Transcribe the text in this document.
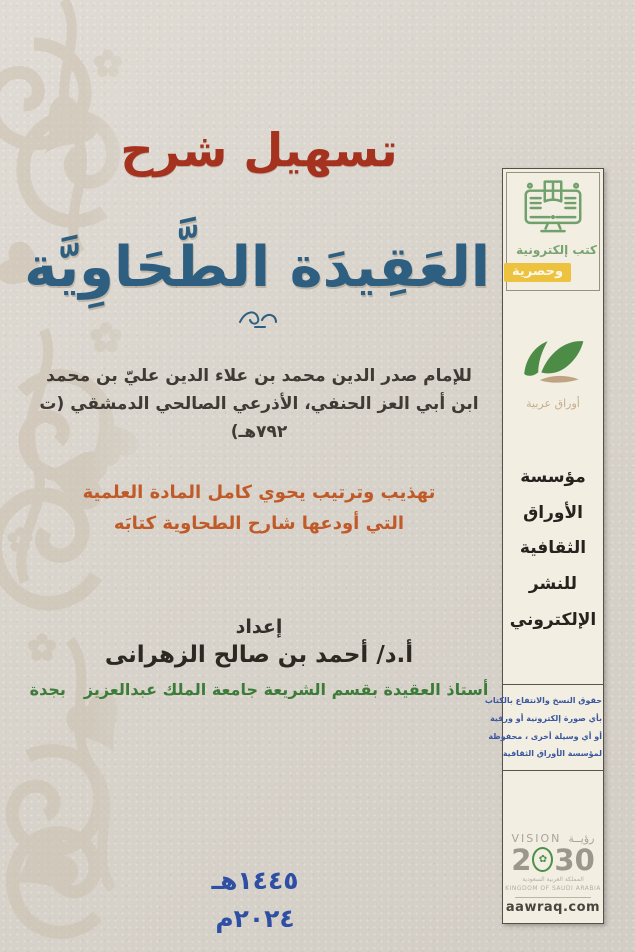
تسهيل شرح
العَقِيدَة الطَّحَاوِيَّة
للإمام صدر الدين محمد بن علاء الدين عليّ بن محمد
ابن أبي العز الحنفي، الأذرعي الصالحي الدمشقي (ت ٧٩٢هـ)
تهذيب وترتيب يحوي كامل المادة العلمية
التي أودعها شارح الطحاوية كتابَه
إعداد
أ.د/ أحمد بن صالح الزهرانى
أستاذ العقيدة بقسم الشريعة جامعة الملك عبدالعزيزبجدة
١٤٤٥هـ
٢٠٢٤م
كتب إلكترونية
وحصرية
أوراق عربية
مؤسسة
الأوراق
الثقافية
للنشر
الإلكتروني
حقوق النسخ والانتفاع بالكتاب
بأي صورة إلكترونية أو ورقية
أو أي وسيلة أخرى ، محفوظة
لمؤسسة الأوراق الثقافية
VISION رؤيــة
2 ✿ 30
المملكة العربية السعودية
KINGDOM OF SAUDI ARABIA
aawraq.com
